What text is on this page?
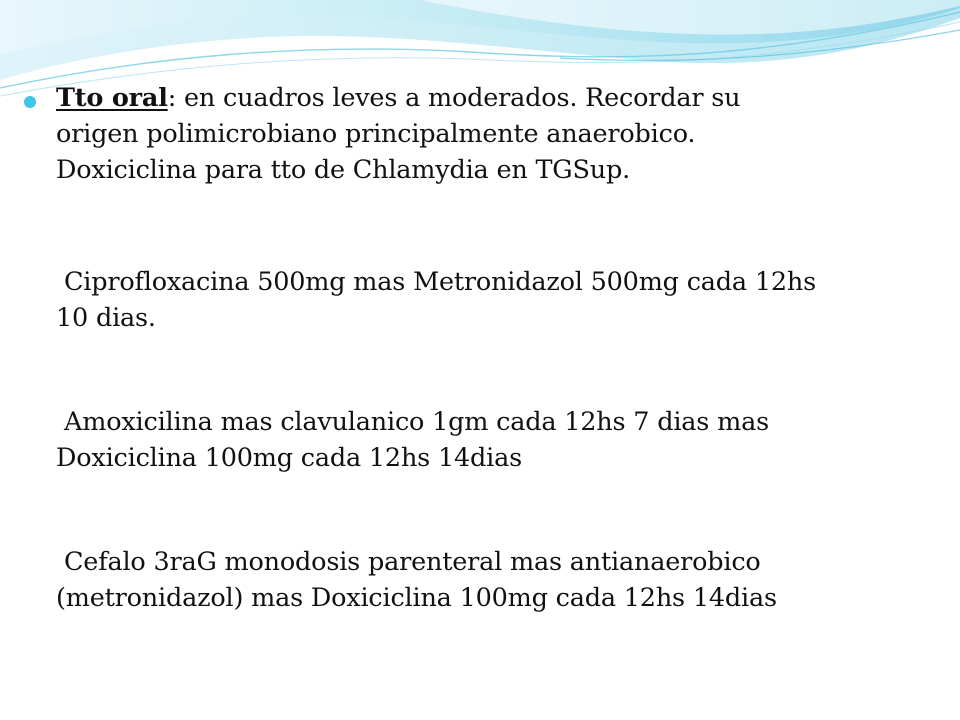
Tto oral: en cuadros leves a moderados. Recordar su
origen polimicrobiano principalmente anaerobico.
Doxiciclina para tto de Chlamydia en TGSup.
Ciprofloxacina 500mg mas Metronidazol 500mg cada 12hs
10 dias.
Amoxicilina mas clavulanico 1gm cada 12hs 7 dias mas
Doxiciclina 100mg cada 12hs 14dias
Cefalo 3raG monodosis parenteral mas antianaerobico
(metronidazol) mas Doxiciclina 100mg cada 12hs 14dias
